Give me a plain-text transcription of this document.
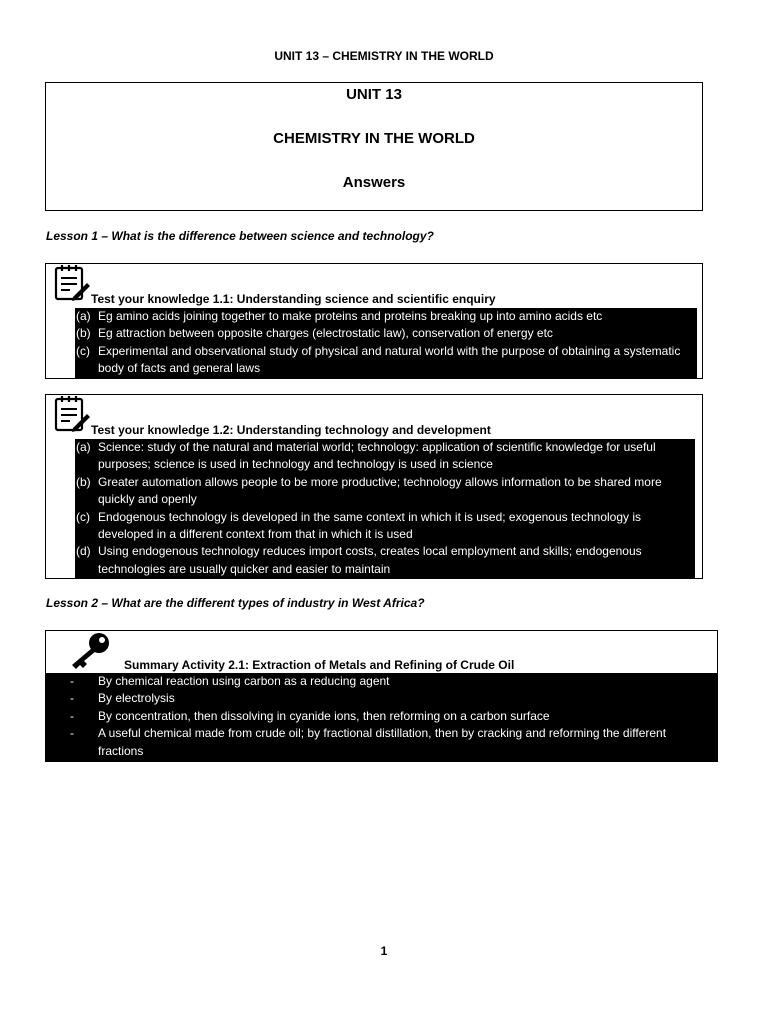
UNIT 13 – CHEMISTRY IN THE WORLD
UNIT 13
CHEMISTRY IN THE WORLD
Answers
Lesson 1 – What is the difference between science and technology?
Test your knowledge 1.1: Understanding science and scientific enquiry
(a) Eg amino acids joining together to make proteins and proteins breaking up into amino acids etc
(b) Eg attraction between opposite charges (electrostatic law), conservation of energy etc
(c) Experimental and observational study of physical and natural world with the purpose of obtaining a systematic body of facts and general laws
Test your knowledge 1.2: Understanding technology and development
(a) Science: study of the natural and material world; technology: application of scientific knowledge for useful purposes; science is used in technology and technology is used in science
(b) Greater automation allows people to be more productive; technology allows information to be shared more quickly and openly
(c) Endogenous technology is developed in the same context in which it is used; exogenous technology is developed in a different context from that in which it is used
(d) Using endogenous technology reduces import costs, creates local employment and skills; endogenous technologies are usually quicker and easier to maintain
Lesson 2 – What are the different types of industry in West Africa?
Summary Activity 2.1: Extraction of Metals and Refining of Crude Oil
-	By chemical reaction using carbon as a reducing agent
-	By electrolysis
-	By concentration, then dissolving in cyanide ions, then reforming on a carbon surface
-	A useful chemical made from crude oil; by fractional distillation, then by cracking and reforming the different fractions
1
